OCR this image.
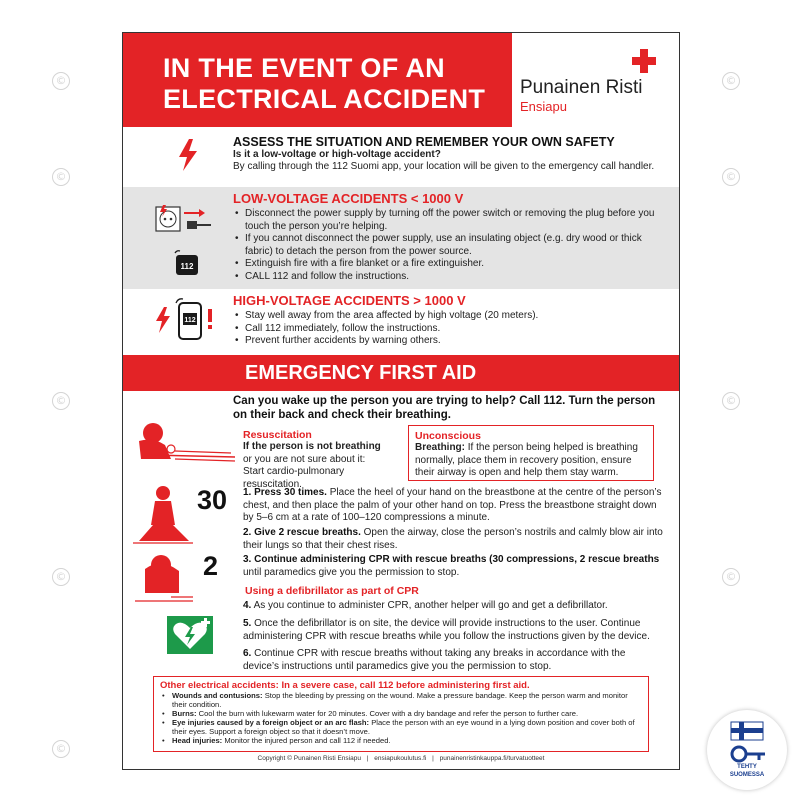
©	©
©	©
©	©
©	©
©
IN THE EVENT OF AN
ELECTRICAL ACCIDENT Punainen Risti
Ensiapu
ASSESS THE SITUATION AND REMEMBER YOUR OWN SAFETY
Is it a low-voltage or high-voltage accident?
By calling through the 112 Suomi app, your location will be given to the emergency call handler.
112
LOW-VOLTAGE ACCIDENTS < 1000 V
• Disconnect the power supply by turning off the power switch or removing the plug before you touch the person you’re helping.
• If you cannot disconnect the power supply, use an insulating object (e.g. dry wood or thick fabric) to detach the person from the power source.
• Extinguish fire with a fire blanket or a fire extinguisher.
• CALL 112 and follow the instructions.
112
HIGH-VOLTAGE ACCIDENTS > 1000 V
• Stay well away from the area affected by high voltage (20 meters).
• Call 112 immediately, follow the instructions.
• Prevent further accidents by warning others.
EMERGENCY FIRST AID
Can you wake up the person you are trying to help? Call 112. Turn the person on their back and check their breathing.
Resuscitation
If the person is not breathing
or you are not sure about it:
Start cardio-pulmonary resuscitation.
Unconscious
Breathing: If the person being helped is breathing normally, place them in recovery position, ensure their airway is open and help them stay warm.
30
2
1. Press 30 times. Place the heel of your hand on the breastbone at the centre of the person’s chest, and then place the palm of your other hand on top. Press the breastbone straight down by 5–6 cm at a rate of 100–120 compressions a minute.
2. Give 2 rescue breaths. Open the airway, close the person’s nostrils and calmly blow air into their lungs so that their chest rises.
3. Continue administering CPR with rescue breaths (30 compressions, 2 rescue breaths until paramedics give you the permission to stop.
Using a defibrillator as part of CPR
4. As you continue to administer CPR, another helper will go and get a defibrillator.
5. Once the defibrillator is on site, the device will provide instructions to the user. Continue administering CPR with rescue breaths while you follow the instructions given by the device.
6. Continue CPR with rescue breaths without taking any breaks in accordance with the device’s instructions until paramedics give you the permission to stop.
Other electrical accidents: In a severe case, call 112 before administering first aid.
• Wounds and contusions: Stop the bleeding by pressing on the wound. Make a pressure bandage. Keep the person warm and monitor their condition.
• Burns: Cool the burn with lukewarm water for 20 minutes. Cover with a dry bandage and refer the person to further care.
• Eye injuries caused by a foreign object or an arc flash: Place the person with an eye wound in a lying down position and cover both of their eyes. Support a foreign object so that it doesn’t move.
• Head injuries: Monitor the injured person and call 112 if needed.
Copyright © Punainen Risti Ensiapu | ensiapukoulutus.fi | punainenristinkauppa.fi/turvatuotteet
TEHTY
SUOMESSA
